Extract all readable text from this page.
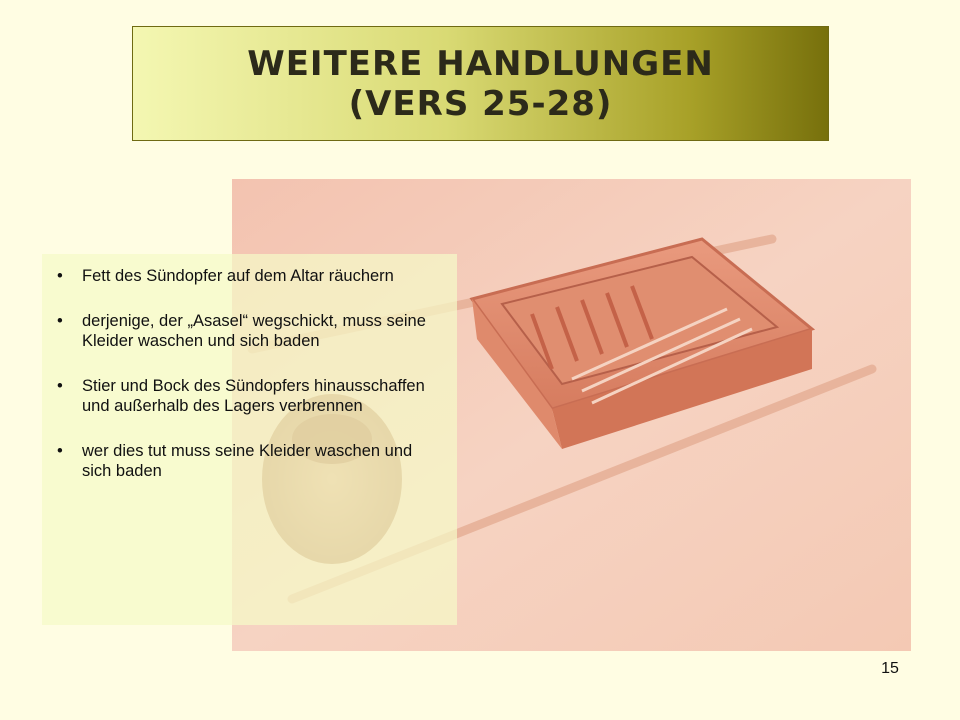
WEITERE HANDLUNGEN
(VERS 25-28)
• Fett des Sündopfer auf dem Altar räuchern
• derjenige, der „Asasel“ wegschickt, muss seine Kleider waschen und sich baden
• Stier und Bock des Sündopfers hinausschaffen und außerhalb des Lagers verbrennen
• wer dies tut muss seine Kleider waschen und sich baden
15
